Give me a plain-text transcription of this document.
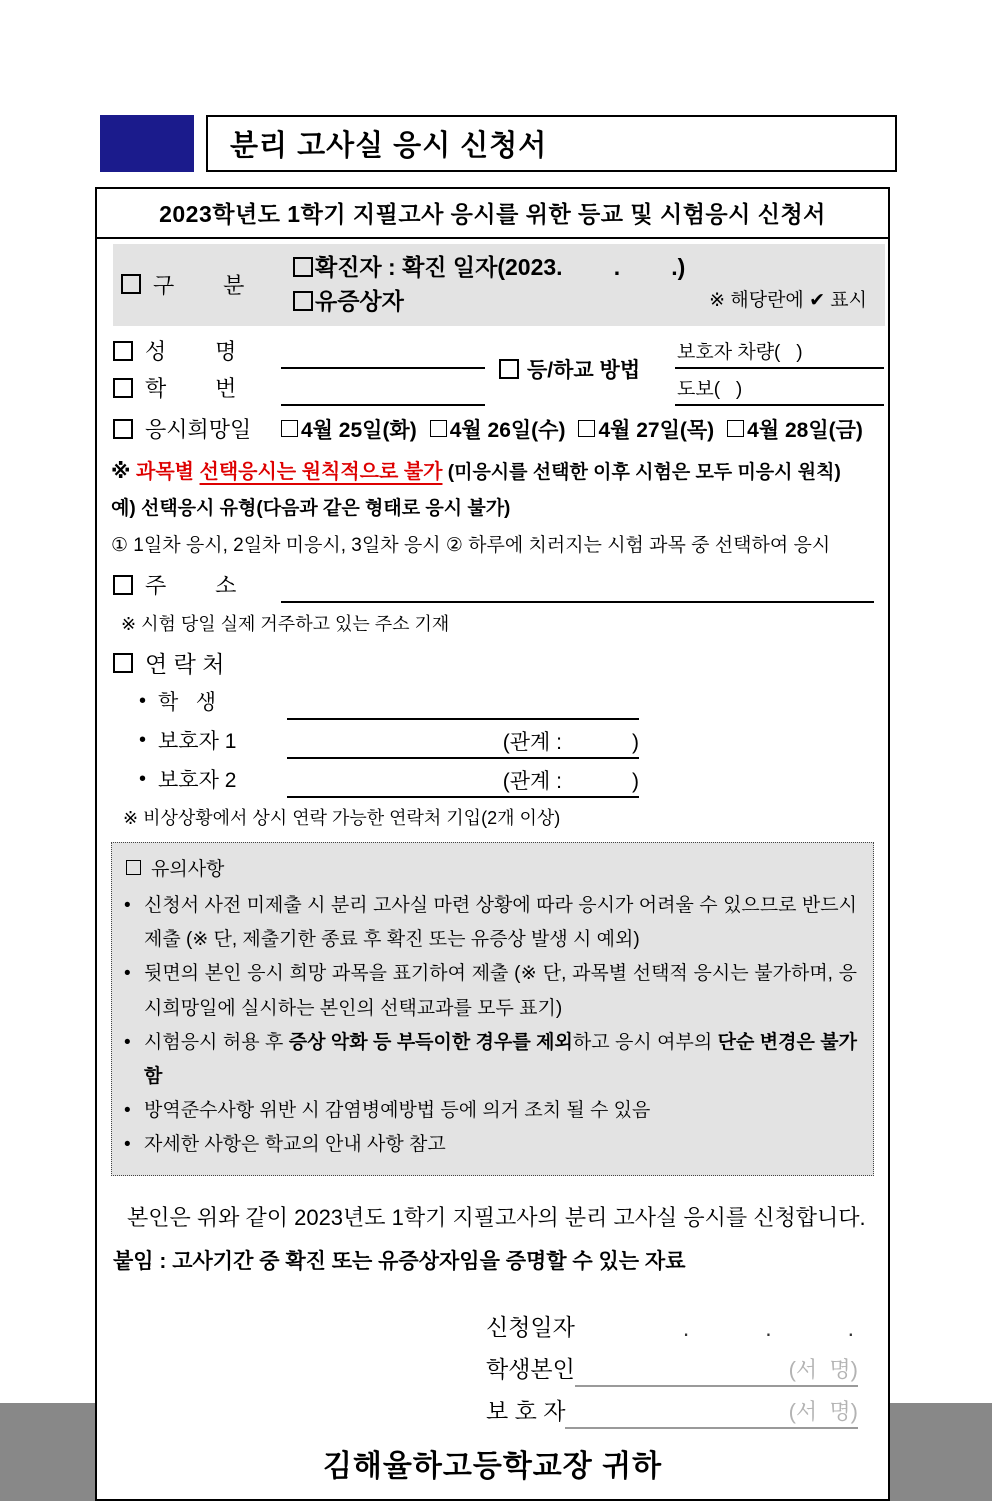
분리 고사실 응시 신청서
2023학년도 1학기 지필고사 응시를 위한 등교 및 시험응시 신청서
구        분
확진자 : 확진 일자(2023.        .        .)
유증상자	※ 해당란에 ✔ 표시
성        명
학        번
등/하교 방법
보호자 차량(   )
도보(   )
응시희망일 4월 25일(화) 4월 26일(수) 4월 27일(목) 4월 28일(금)
※ 과목별 선택응시는 원칙적으로 불가 (미응시를 선택한 이후 시험은 모두 미응시 원칙)
예) 선택응시 유형(다음과 같은 형태로 응시 불가)
① 1일차 응시, 2일차 미응시, 3일차 응시 ② 하루에 치러지는 시험 과목 중 선택하여 응시
주        소
※ 시험 당일 실제 거주하고 있는 주소 기재
연 락 처
• 학   생
• 보호자 1	(관계 :            )
• 보호자 2	(관계 :            )
※ 비상상황에서 상시 연락 가능한 연락처 기입(2개 이상)
유의사항
• 신청서 사전 미제출 시 분리 고사실 마련 상황에 따라 응시가 어려울 수 있으므로 반드시 제출 (※ 단, 제출기한 종료 후 확진 또는 유증상 발생 시 예외)
• 뒷면의 본인 응시 희망 과목을 표기하여 제출 (※ 단, 과목별 선택적 응시는 불가하며, 응시희망일에 실시하는 본인의 선택교과를 모두 표기)
• 시험응시 허용 후 증상 악화 등 부득이한 경우를 제외하고 응시 여부의 단순 변경은 불가함
• 방역준수사항 위반 시 감염병예방법 등에 의거 조치 될 수 있음
• 자세한 사항은 학교의 안내 사항 참고
본인은 위와 같이 2023년도 1학기 지필고사의 분리 고사실 응시를 신청합니다.
붙임 : 고사기간 중 확진 또는 유증상자임을 증명할 수 있는 자료
신청일자	.	.	.
학생본인	(서  명)
보 호 자	(서  명)
김해율하고등학교장 귀하
